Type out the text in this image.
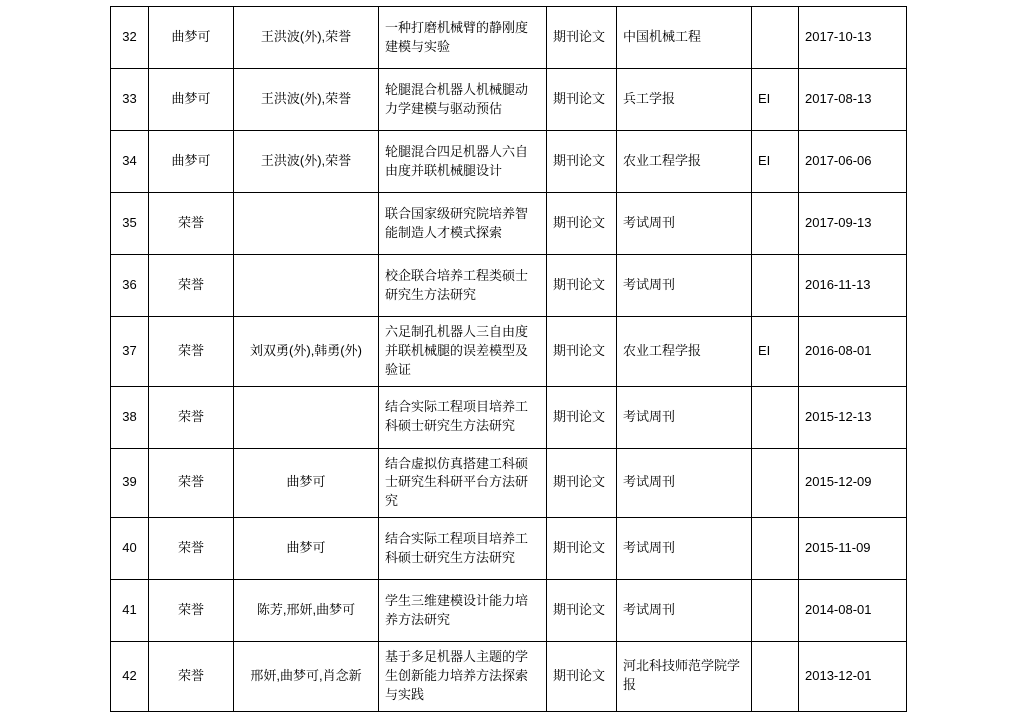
32	曲梦可	王洪波(外),荣誉	一种打磨机械臂的静刚度建模与实验	期刊论文	中国机械工程		2017-10-13
33	曲梦可	王洪波(外),荣誉	轮腿混合机器人机械腿动力学建模与驱动预估	期刊论文	兵工学报	EI	2017-08-13
34	曲梦可	王洪波(外),荣誉	轮腿混合四足机器人六自由度并联机械腿设计	期刊论文	农业工程学报	EI	2017-06-06
35	荣誉		联合国家级研究院培养智能制造人才模式探索	期刊论文	考试周刊		2017-09-13
36	荣誉		校企联合培养工程类硕士研究生方法研究	期刊论文	考试周刊		2016-11-13
37	荣誉	刘双勇(外),韩勇(外)	六足制孔机器人三自由度并联机械腿的误差模型及验证	期刊论文	农业工程学报	EI	2016-08-01
38	荣誉		结合实际工程项目培养工科硕士研究生方法研究	期刊论文	考试周刊		2015-12-13
39	荣誉	曲梦可	结合虚拟仿真搭建工科硕士研究生科研平台方法研究	期刊论文	考试周刊		2015-12-09
40	荣誉	曲梦可	结合实际工程项目培养工科硕士研究生方法研究	期刊论文	考试周刊		2015-11-09
41	荣誉	陈芳,邢妍,曲梦可	学生三维建模设计能力培养方法研究	期刊论文	考试周刊		2014-08-01
42	荣誉	邢妍,曲梦可,肖念新	基于多足机器人主题的学生创新能力培养方法探索与实践	期刊论文	河北科技师范学院学报		2013-12-01
